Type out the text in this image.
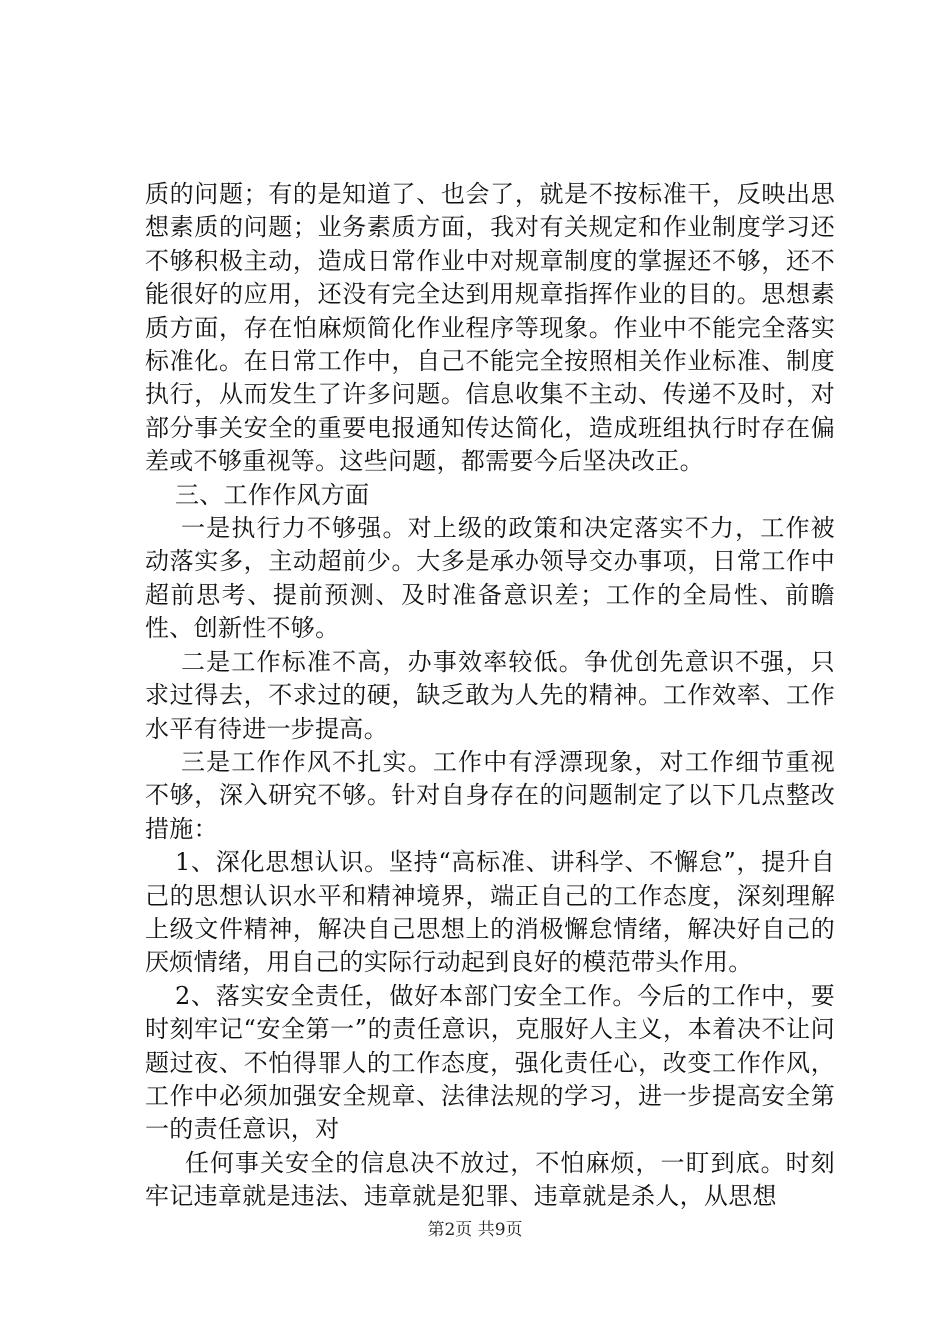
质的问题；有的是知道了、也会了，就是不按标准干，反映出思想素质的问题；业务素质方面，我对有关规定和作业制度学习还不够积极主动，造成日常作业中对规章制度的掌握还不够，还不能很好的应用，还没有完全达到用规章指挥作业的目的。思想素质方面，存在怕麻烦简化作业程序等现象。作业中不能完全落实标准化。在日常工作中，自己不能完全按照相关作业标准、制度执行，从而发生了许多问题。信息收集不主动、传递不及时，对部分事关安全的重要电报通知传达简化，造成班组执行时存在偏差或不够重视等。这些问题，都需要今后坚决改正。

三、工作作风方面

一是执行力不够强。对上级的政策和决定落实不力，工作被动落实多，主动超前少。大多是承办领导交办事项，日常工作中超前思考、提前预测、及时准备意识差；工作的全局性、前瞻性、创新性不够。

二是工作标准不高，办事效率较低。争优创先意识不强，只求过得去，不求过的硬，缺乏敢为人先的精神。工作效率、工作水平有待进一步提高。

三是工作作风不扎实。工作中有浮漂现象，对工作细节重视不够，深入研究不够。针对自身存在的问题制定了以下几点整改措施：

1、深化思想认识。坚持“高标准、讲科学、不懈怠”，提升自己的思想认识水平和精神境界，端正自己的工作态度，深刻理解上级文件精神，解决自己思想上的消极懈怠情绪，解决好自己的厌烦情绪，用自己的实际行动起到良好的模范带头作用。

2、落实安全责任，做好本部门安全工作。今后的工作中，要时刻牢记“安全第一”的责任意识，克服好人主义，本着决不让问题过夜、不怕得罪人的工作态度，强化责任心，改变工作作风，工作中必须加强安全规章、法律法规的学习，进一步提高安全第一的责任意识，对

任何事关安全的信息决不放过，不怕麻烦，一盯到底。时刻牢记违章就是违法、违章就是犯罪、违章就是杀人，从思想

第2页 共9页
